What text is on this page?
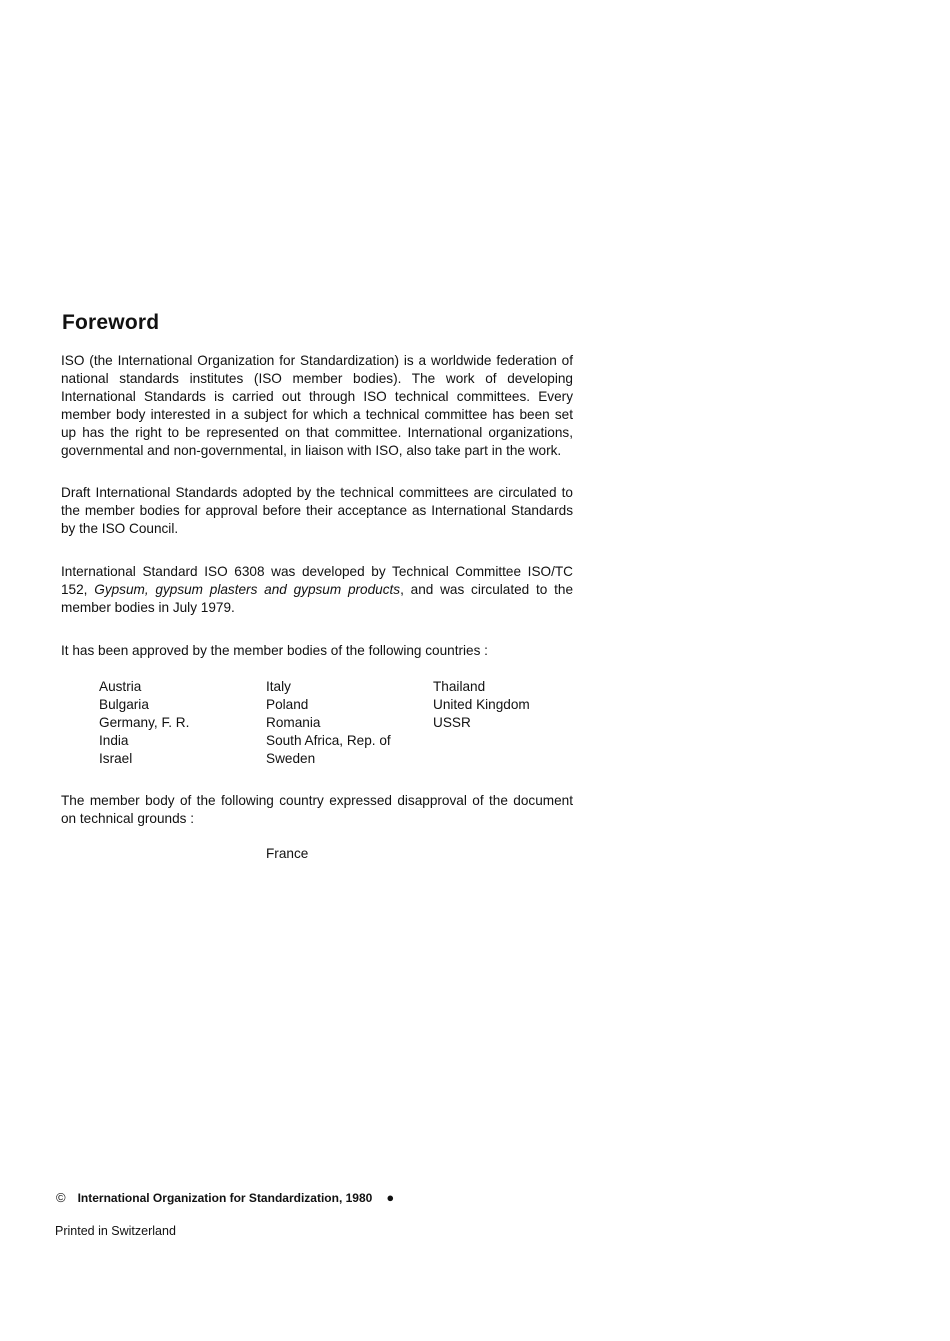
Foreword

ISO (the International Organization for Standardization) is a worldwide federation of national standards institutes (ISO member bodies). The work of developing International Standards is carried out through ISO technical committees. Every member body interested in a subject for which a technical committee has been set up has the right to be represented on that committee. International organizations, governmental and non-governmental, in liaison with ISO, also take part in the work.

Draft International Standards adopted by the technical committees are circulated to the member bodies for approval before their acceptance as International Standards by the ISO Council.

International Standard ISO 6308 was developed by Technical Committee ISO/TC 152, Gypsum, gypsum plasters and gypsum products, and was circulated to the member bodies in July 1979.

It has been approved by the member bodies of the following countries :

Austria
Bulgaria
Germany, F. R.
India
Israel
Italy
Poland
Romania
South Africa, Rep. of
Sweden
Thailand
United Kingdom
USSR

The member body of the following country expressed disapproval of the document on technical grounds :

France
© International Organization for Standardization, 1980 ●
Printed in Switzerland
